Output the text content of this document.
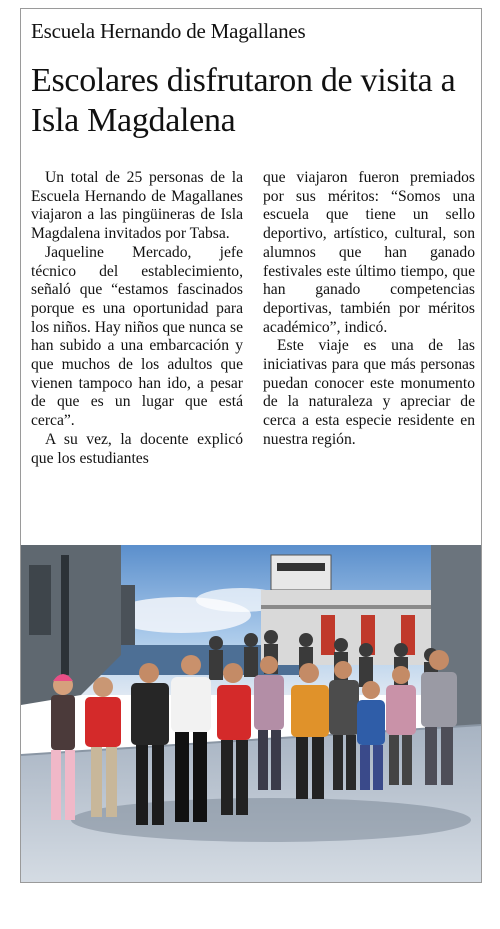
Escuela Hernando de Magallanes
Escolares disfrutaron de visita a Isla Magdalena

Un total de 25 personas de la Escuela Hernando de Magallanes viajaron a las pingüineras de Isla Magdalena invitados por Tabsa.

Jaqueline Mercado, jefe técnico del establecimiento, señaló que “estamos fascinados porque es una oportunidad para los niños. Hay niños que nunca se han subido a una embarcación y que muchos de los adultos que vienen tampoco han ido, a pesar de que es un lugar que está cerca”.

A su vez, la docente explicó que los estudiantes

que viajaron fueron premiados por sus méritos: “Somos una escuela que tiene un sello deportivo, artístico, cultural, son alumnos que han ganado festivales este último tiempo, que han ganado competencias deportivas, también por méritos académico”, indicó.

Este viaje es una de las iniciativas para que más personas puedan conocer este monumento de la naturaleza y apreciar de cerca a esta especie residente en nuestra región.
